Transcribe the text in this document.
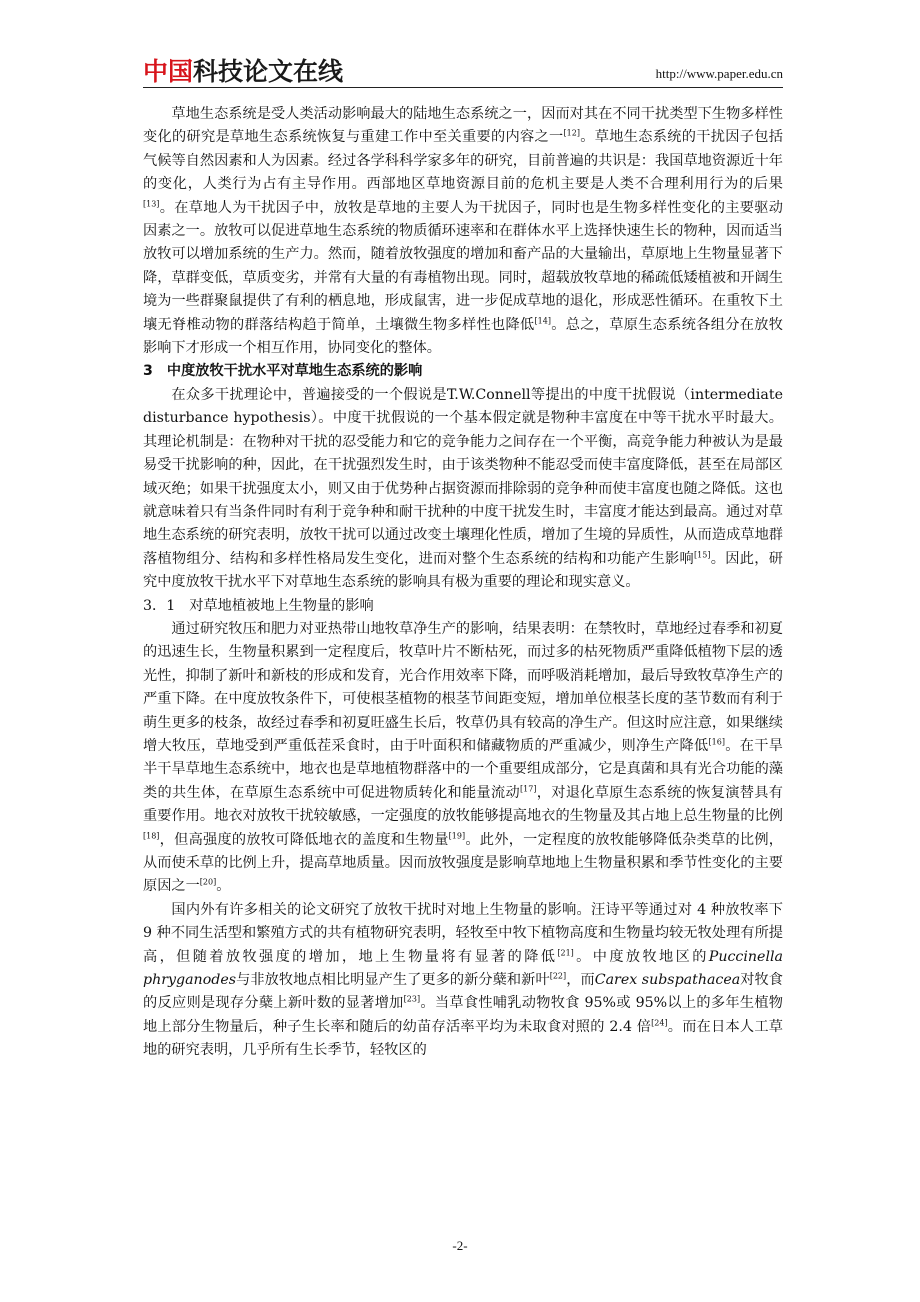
中国科技论文在线	http://www.paper.edu.cn

草地生态系统是受人类活动影响最大的陆地生态系统之一，因而对其在不同干扰类型下生物多样性变化的研究是草地生态系统恢复与重建工作中至关重要的内容之一[12]。草地生态系统的干扰因子包括气候等自然因素和人为因素。经过各学科科学家多年的研究，目前普遍的共识是：我国草地资源近十年的变化，人类行为占有主导作用。西部地区草地资源目前的危机主要是人类不合理利用行为的后果[13]。在草地人为干扰因子中，放牧是草地的主要人为干扰因子，同时也是生物多样性变化的主要驱动因素之一。放牧可以促进草地生态系统的物质循环速率和在群体水平上选择快速生长的物种，因而适当放牧可以增加系统的生产力。然而，随着放牧强度的增加和畜产品的大量输出，草原地上生物量显著下降，草群变低，草质变劣，并常有大量的有毒植物出现。同时，超载放牧草地的稀疏低矮植被和开阔生境为一些群聚鼠提供了有利的栖息地，形成鼠害，进一步促成草地的退化，形成恶性循环。在重牧下土壤无脊椎动物的群落结构趋于简单，土壤微生物多样性也降低[14]。总之，草原生态系统各组分在放牧影响下才形成一个相互作用，协同变化的整体。

3 中度放牧干扰水平对草地生态系统的影响

在众多干扰理论中，普遍接受的一个假说是T.W.Connell等提出的中度干扰假说（intermediate disturbance hypothesis）。中度干扰假说的一个基本假定就是物种丰富度在中等干扰水平时最大。其理论机制是：在物种对干扰的忍受能力和它的竞争能力之间存在一个平衡，高竞争能力种被认为是最易受干扰影响的种，因此，在干扰强烈发生时，由于该类物种不能忍受而使丰富度降低，甚至在局部区域灭绝；如果干扰强度太小，则又由于优势种占据资源而排除弱的竞争种而使丰富度也随之降低。这也就意味着只有当条件同时有利于竞争种和耐干扰种的中度干扰发生时，丰富度才能达到最高。通过对草地生态系统的研究表明，放牧干扰可以通过改变土壤理化性质，增加了生境的异质性，从而造成草地群落植物组分、结构和多样性格局发生变化，进而对整个生态系统的结构和功能产生影响[15]。因此，研究中度放牧干扰水平下对草地生态系统的影响具有极为重要的理论和现实意义。

3．1 对草地植被地上生物量的影响

通过研究牧压和肥力对亚热带山地牧草净生产的影响，结果表明：在禁牧时，草地经过春季和初夏的迅速生长，生物量积累到一定程度后，牧草叶片不断枯死，而过多的枯死物质严重降低植物下层的透光性，抑制了新叶和新枝的形成和发育，光合作用效率下降，而呼吸消耗增加，最后导致牧草净生产的严重下降。在中度放牧条件下，可使根茎植物的根茎节间距变短，增加单位根茎长度的茎节数而有利于萌生更多的枝条，故经过春季和初夏旺盛生长后，牧草仍具有较高的净生产。但这时应注意，如果继续增大牧压，草地受到严重低茬采食时，由于叶面积和储藏物质的严重减少，则净生产降低[16]。在干旱半干旱草地生态系统中，地衣也是草地植物群落中的一个重要组成部分，它是真菌和具有光合功能的藻类的共生体，在草原生态系统中可促进物质转化和能量流动[17]，对退化草原生态系统的恢复演替具有重要作用。地衣对放牧干扰较敏感，一定强度的放牧能够提高地衣的生物量及其占地上总生物量的比例[18]，但高强度的放牧可降低地衣的盖度和生物量[19]。此外，一定程度的放牧能够降低杂类草的比例，从而使禾草的比例上升，提高草地质量。因而放牧强度是影响草地地上生物量积累和季节性变化的主要原因之一[20]。

国内外有许多相关的论文研究了放牧干扰时对地上生物量的影响。汪诗平等通过对 4 种放牧率下 9 种不同生活型和繁殖方式的共有植物研究表明，轻牧至中牧下植物高度和生物量均较无牧处理有所提高，但随着放牧强度的增加，地上生物量将有显著的降低[21]。中度放牧地区的Puccinella phryganodes与非放牧地点相比明显产生了更多的新分蘖和新叶[22]，而Carex subspathacea对牧食的反应则是现存分蘖上新叶数的显著增加[23]。当草食性哺乳动物牧食 95%或 95%以上的多年生植物地上部分生物量后，种子生长率和随后的幼苗存活率平均为未取食对照的 2.4 倍[24]。而在日本人工草地的研究表明，几乎所有生长季节，轻牧区的

-2-
